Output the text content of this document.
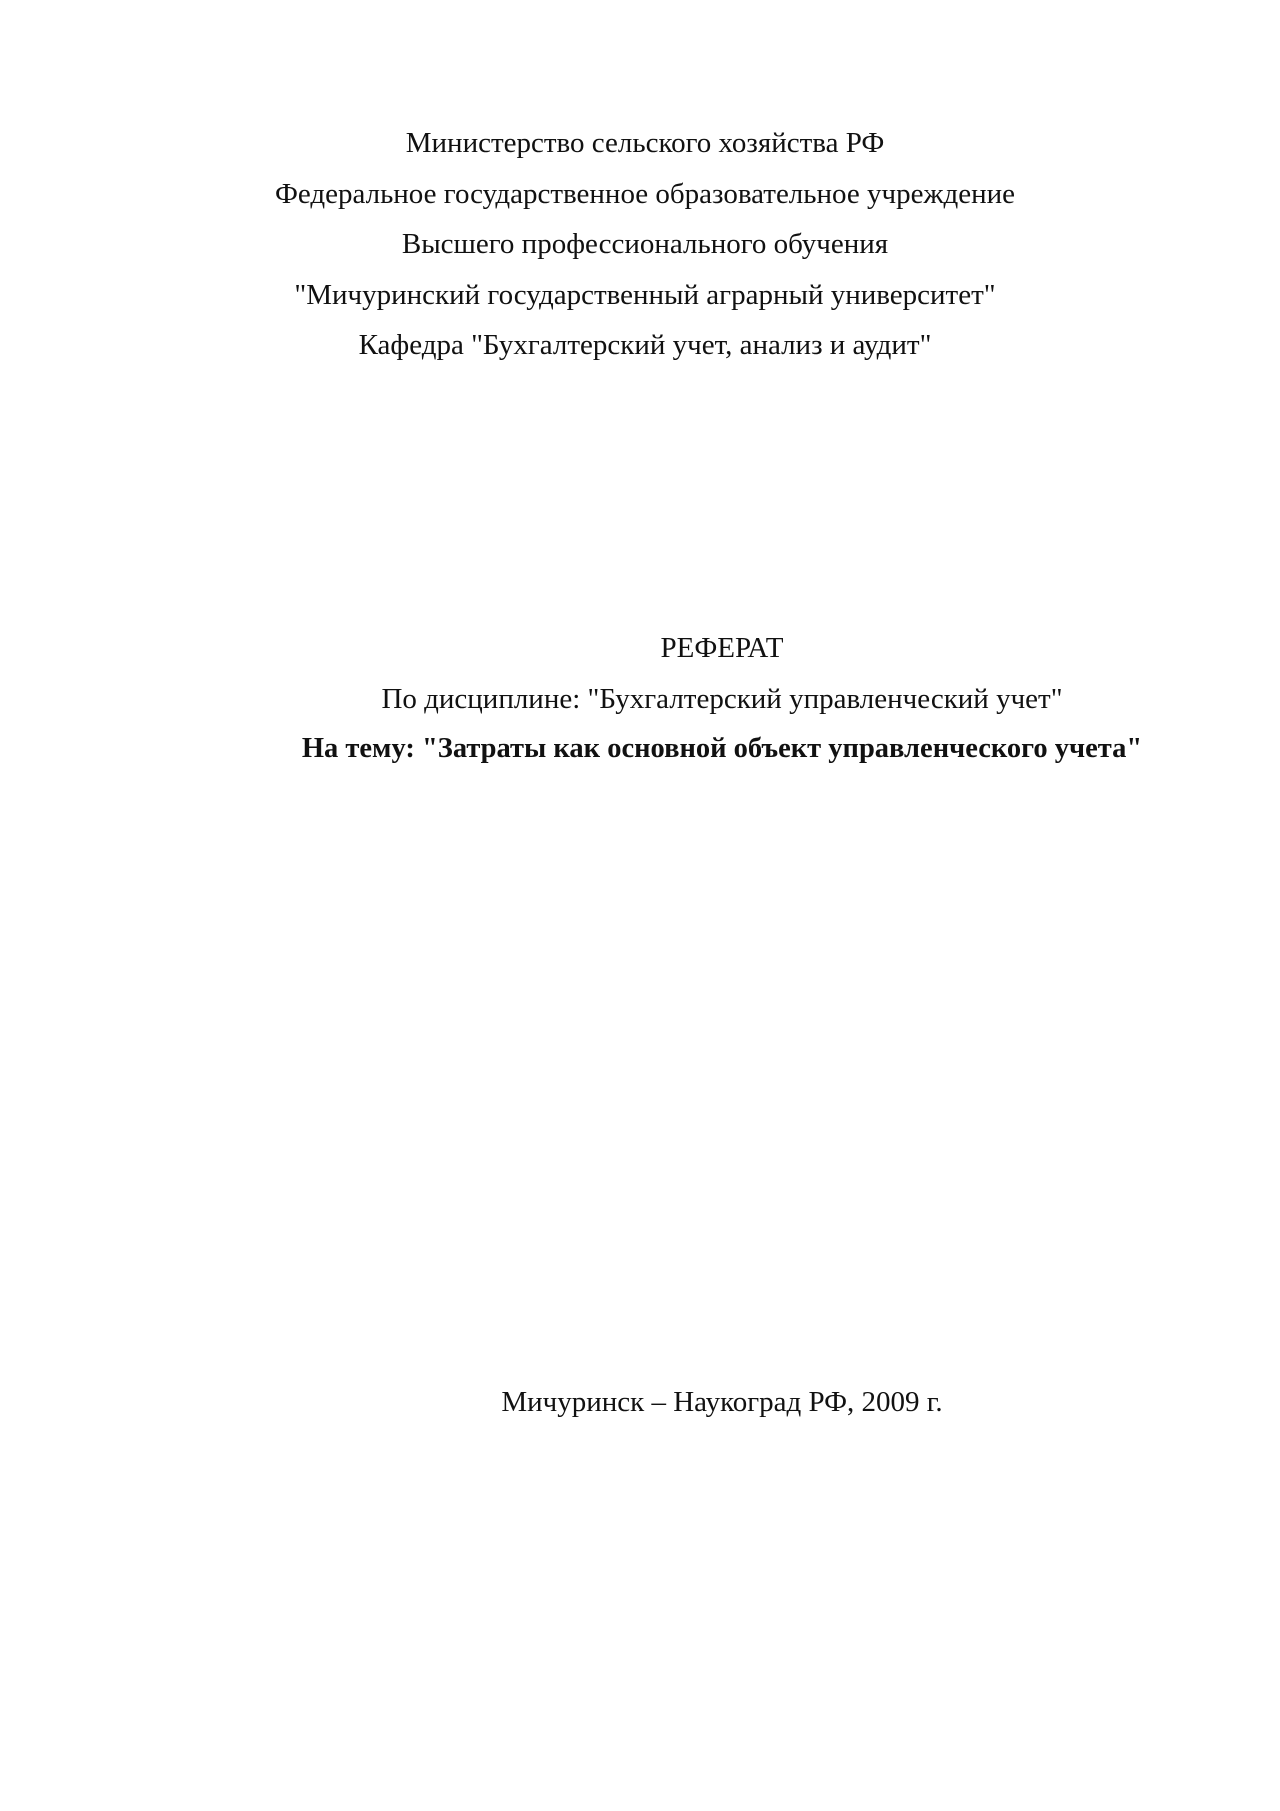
Министерство сельского хозяйства РФ
Федеральное государственное образовательное учреждение
Высшего профессионального обучения
"Мичуринский государственный аграрный университет"
Кафедра "Бухгалтерский учет, анализ и аудит"
РЕФЕРАТ
По дисциплине: "Бухгалтерский управленческий учет"
На тему: "Затраты как основной объект управленческого учета"
Мичуринск – Наукоград РФ, 2009 г.
